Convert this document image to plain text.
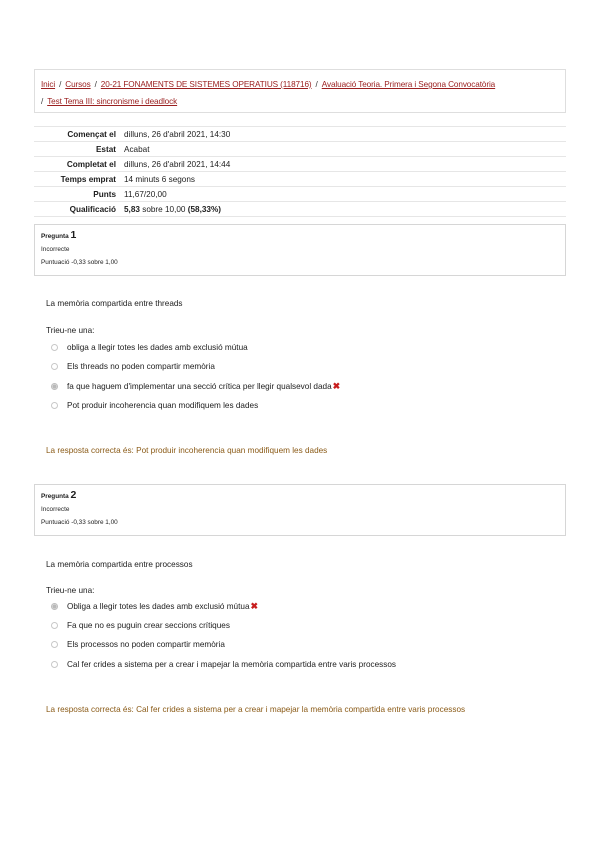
Inici / Cursos / 20-21 FONAMENTS DE SISTEMES OPERATIUS (118716) / Avaluació Teoria. Primera i Segona Convocatòria
/ Test Tema III: sincronisme i deadlock
Començat el	dilluns, 26 d'abril 2021, 14:30
Estat	Acabat
Completat el	dilluns, 26 d'abril 2021, 14:44
Temps emprat	14 minuts 6 segons
Punts	11,67/20,00
Qualificació	5,83 sobre 10,00 (58,33%)
Pregunta 1
Incorrecte
Puntuació -0,33 sobre 1,00
La memòria compartida entre threads
Trieu-ne una:
obliga a llegir totes les dades amb exclusió mútua
Els threads no poden compartir memòria
fa que haguem d'implementar una secció crítica per llegir qualsevol dada ✖
Pot produir incoherencia quan modifiquem les dades
La resposta correcta és: Pot produir incoherencia quan modifiquem les dades
Pregunta 2
Incorrecte
Puntuació -0,33 sobre 1,00
La memòria compartida entre processos
Trieu-ne una:
Obliga a llegir totes les dades amb exclusió mútua ✖
Fa que no es puguin crear seccions crítiques
Els processos no poden compartir memòria
Cal fer crides a sistema per a crear i mapejar la memòria compartida entre varis processos
La resposta correcta és: Cal fer crides a sistema per a crear i mapejar la memòria compartida entre varis processos
